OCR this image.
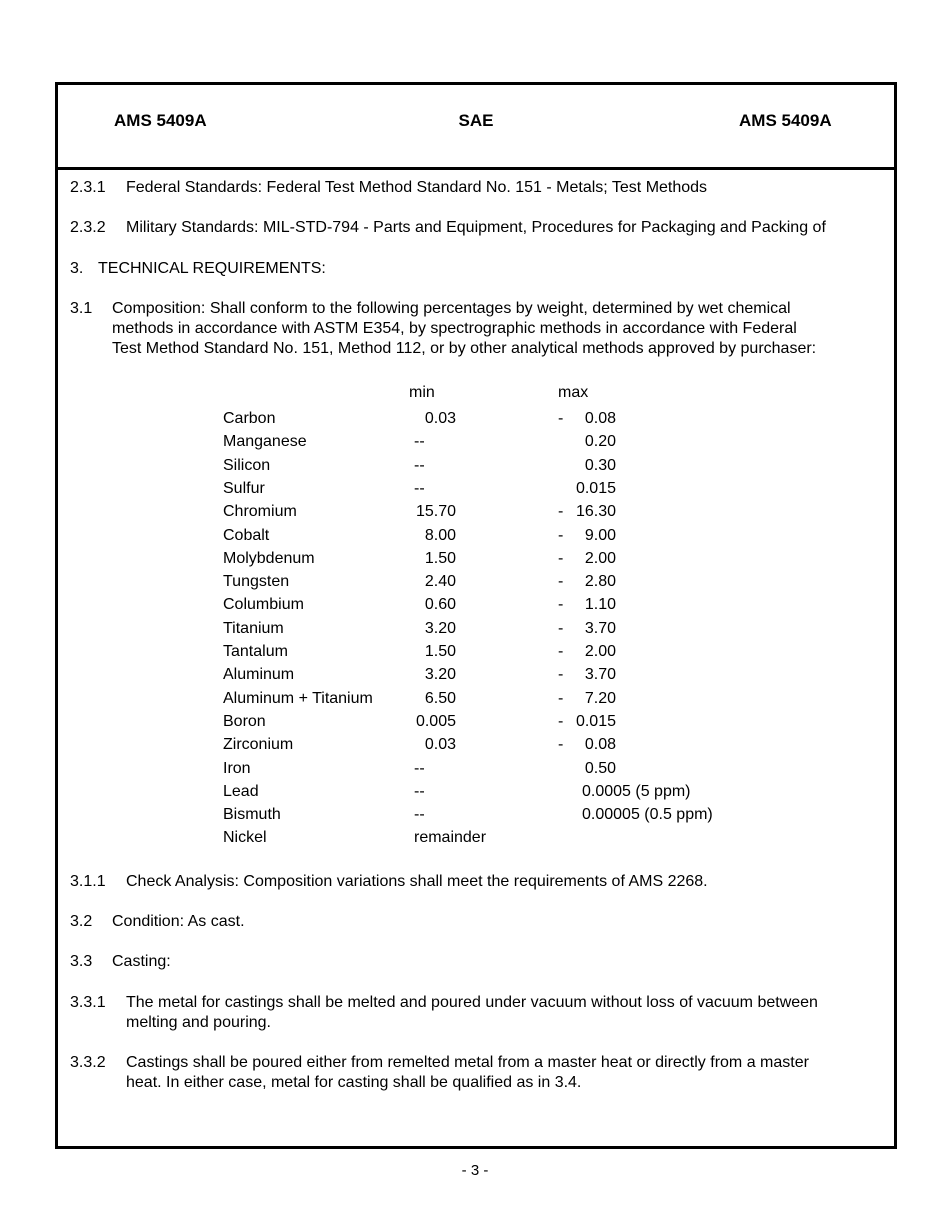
AMS 5409A	SAE	AMS 5409A
2.3.1 Federal Standards: Federal Test Method Standard No. 151 - Metals; Test Methods
2.3.2 Military Standards: MIL-STD-794 - Parts and Equipment, Procedures for Packaging and Packing of
3. TECHNICAL REQUIREMENTS:
3.1 Composition: Shall conform to the following percentages by weight, determined by wet chemical
methods in accordance with ASTM E354, by spectrographic methods in accordance with Federal
Test Method Standard No. 151, Method 112, or by other analytical methods approved by purchaser:
min	max
Carbon	0.03	- 0.08
Manganese	--	0.20
Silicon	--	0.30
Sulfur	--	0.015
Chromium	15.70	- 16.30
Cobalt	8.00	- 9.00
Molybdenum	1.50	- 2.00
Tungsten	2.40	- 2.80
Columbium	0.60	- 1.10
Titanium	3.20	- 3.70
Tantalum	1.50	- 2.00
Aluminum	3.20	- 3.70
Aluminum + Titanium	6.50	- 7.20
Boron	0.005	- 0.015
Zirconium	0.03	- 0.08
Iron	--	0.50
Lead	--	0.0005 (5 ppm)
Bismuth	--	0.00005 (0.5 ppm)
Nickel	remainder
3.1.1 Check Analysis: Composition variations shall meet the requirements of AMS 2268.
3.2 Condition: As cast.
3.3 Casting:
3.3.1 The metal for castings shall be melted and poured under vacuum without loss of vacuum between
melting and pouring.
3.3.2 Castings shall be poured either from remelted metal from a master heat or directly from a master
heat. In either case, metal for casting shall be qualified as in 3.4.
- 3 -
